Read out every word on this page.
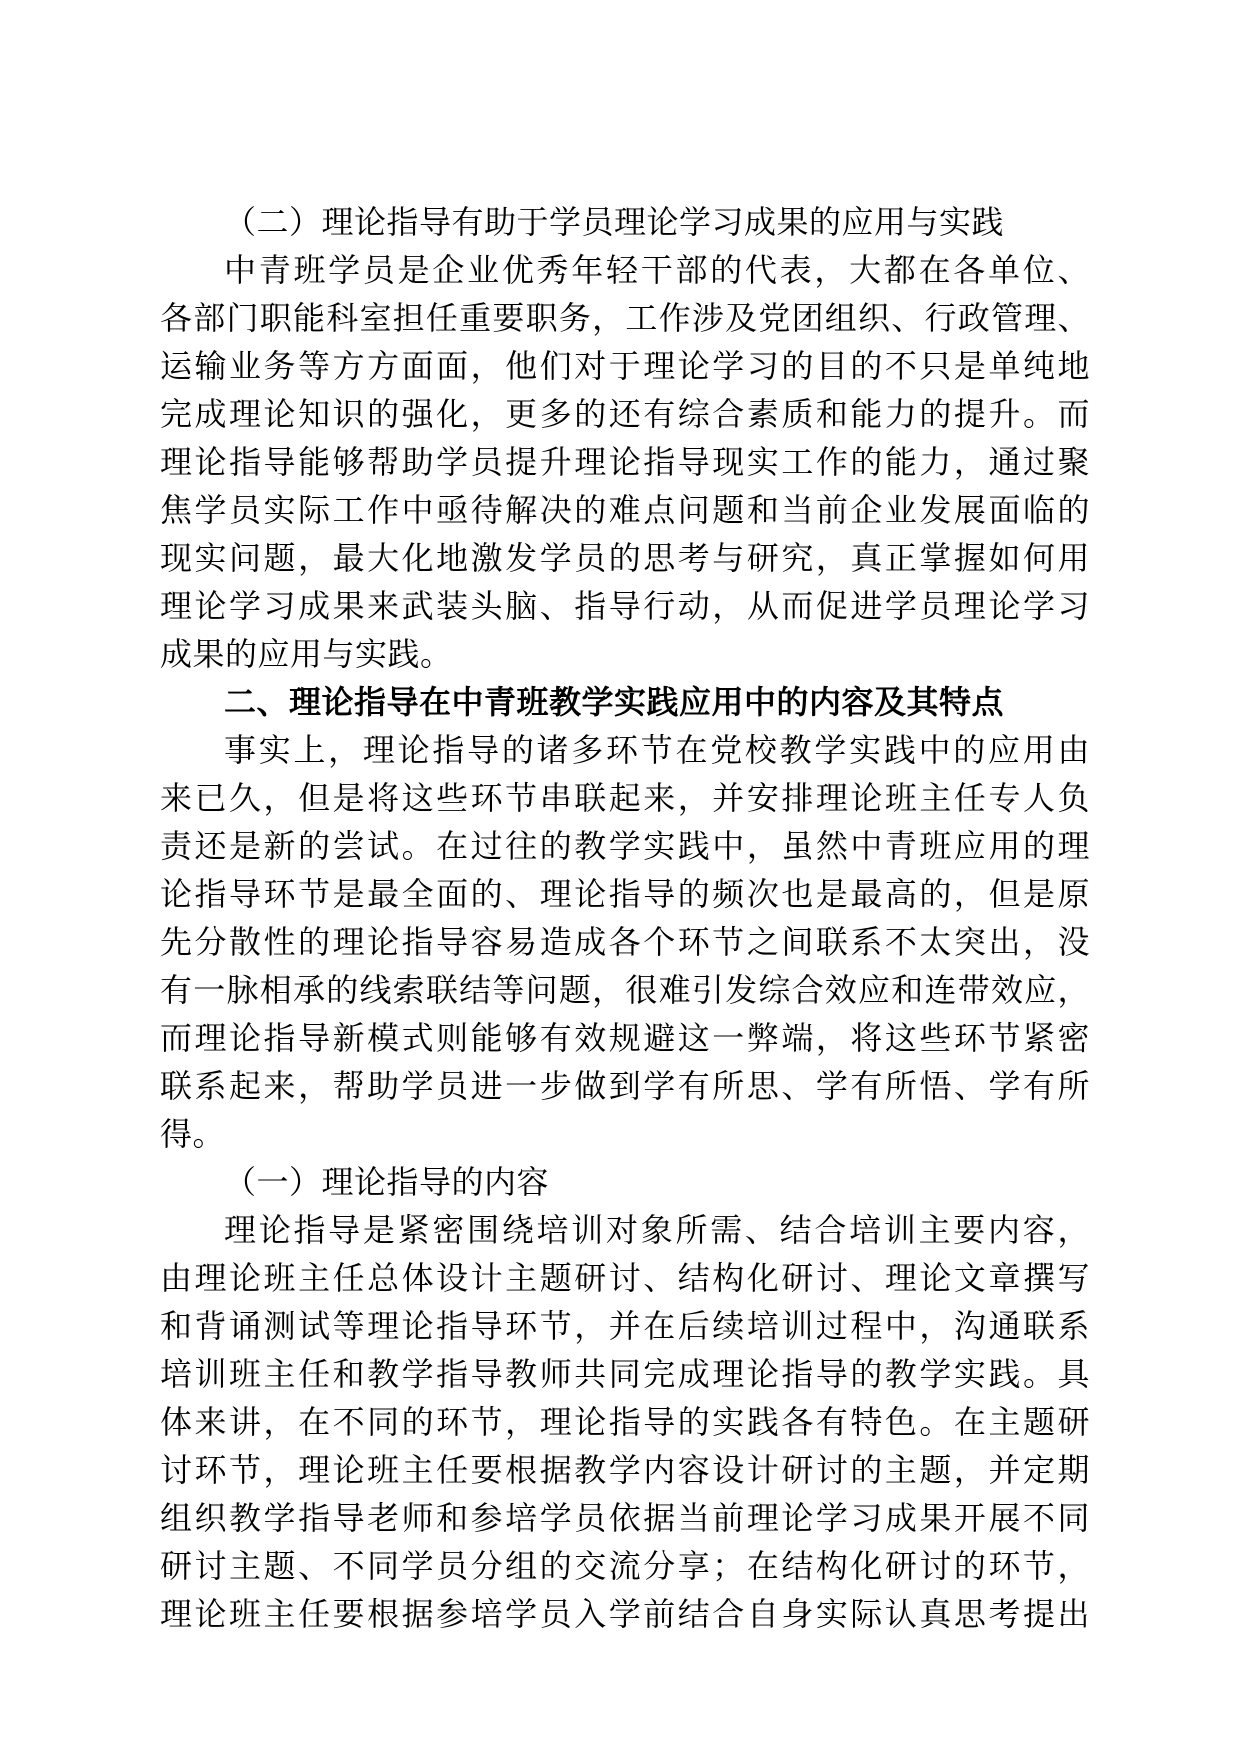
（二）理论指导有助于学员理论学习成果的应用与实践
中青班学员是企业优秀年轻干部的代表，大都在各单位、
各部门职能科室担任重要职务，工作涉及党团组织、行政管理、
运输业务等方方面面，他们对于理论学习的目的不只是单纯地
完成理论知识的强化，更多的还有综合素质和能力的提升。而
理论指导能够帮助学员提升理论指导现实工作的能力，通过聚
焦学员实际工作中亟待解决的难点问题和当前企业发展面临的
现实问题，最大化地激发学员的思考与研究，真正掌握如何用
理论学习成果来武装头脑、指导行动，从而促进学员理论学习
成果的应用与实践。
二、理论指导在中青班教学实践应用中的内容及其特点
事实上，理论指导的诸多环节在党校教学实践中的应用由
来已久，但是将这些环节串联起来，并安排理论班主任专人负
责还是新的尝试。在过往的教学实践中，虽然中青班应用的理
论指导环节是最全面的、理论指导的频次也是最高的，但是原
先分散性的理论指导容易造成各个环节之间联系不太突出，没
有一脉相承的线索联结等问题，很难引发综合效应和连带效应，
而理论指导新模式则能够有效规避这一弊端，将这些环节紧密
联系起来，帮助学员进一步做到学有所思、学有所悟、学有所
得。
（一）理论指导的内容
理论指导是紧密围绕培训对象所需、结合培训主要内容，
由理论班主任总体设计主题研讨、结构化研讨、理论文章撰写
和背诵测试等理论指导环节，并在后续培训过程中，沟通联系
培训班主任和教学指导教师共同完成理论指导的教学实践。具
体来讲，在不同的环节，理论指导的实践各有特色。在主题研
讨环节，理论班主任要根据教学内容设计研讨的主题，并定期
组织教学指导老师和参培学员依据当前理论学习成果开展不同
研讨主题、不同学员分组的交流分享；在结构化研讨的环节，
理论班主任要根据参培学员入学前结合自身实际认真思考提出
